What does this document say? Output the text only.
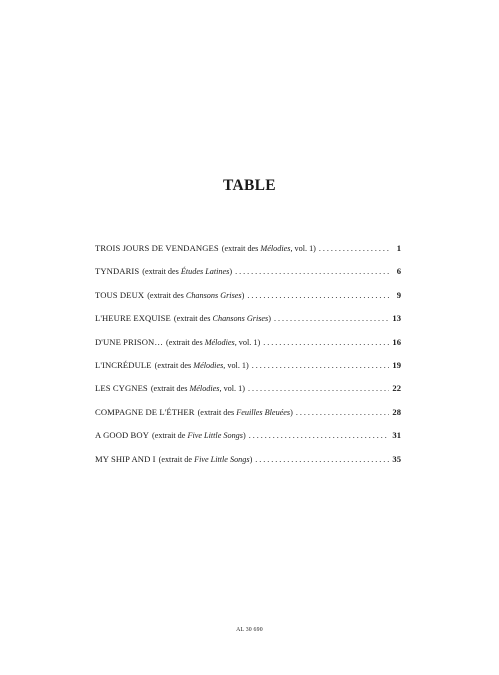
TABLE
TROIS JOURS DE VENDANGES (extrait des Mélodies, vol. 1) . . .	1
TYNDARIS (extrait des Études Latines) . . .	6
TOUS DEUX (extrait des Chansons Grises) . . .	9
L'HEURE EXQUISE (extrait des Chansons Grises) . . .	13
D'UNE PRISON… (extrait des Mélodies, vol. 1) . . .	16
L'INCRÉDULE (extrait des Mélodies, vol. 1) . . .	19
LES CYGNES (extrait des Mélodies, vol. 1) . . .	22
COMPAGNE DE L'ÉTHER (extrait des Feuilles Bleuées) . . .	28
A GOOD BOY (extrait de Five Little Songs) . . .	31
MY SHIP AND I (extrait de Five Little Songs) . . .	35
AL 30 690
